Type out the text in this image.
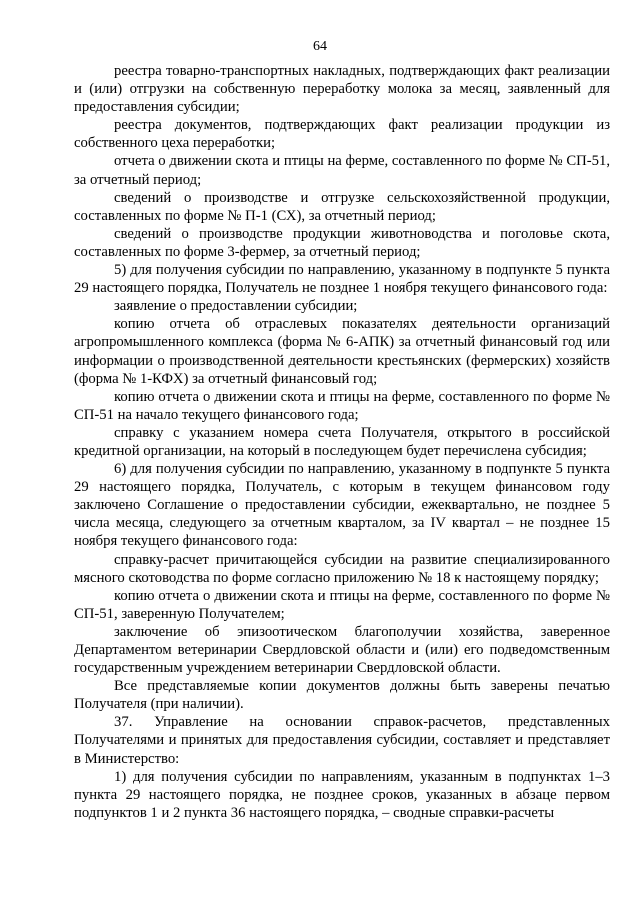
64

реестра товарно-транспортных накладных, подтверждающих факт реализации и (или) отгрузки на собственную переработку молока за месяц, заявленный для предоставления субсидии;

реестра документов, подтверждающих факт реализации продукции из собственного цеха переработки;

отчета о движении скота и птицы на ферме, составленного по форме № СП-51, за отчетный период;

сведений о производстве и отгрузке сельскохозяйственной продукции, составленных по форме № П-1 (СХ), за отчетный период;

сведений о производстве продукции животноводства и поголовье скота, составленных по форме 3-фермер, за отчетный период;

5) для получения субсидии по направлению, указанному в подпункте 5 пункта 29 настоящего порядка, Получатель не позднее 1 ноября текущего финансового года:

заявление о предоставлении субсидии;

копию отчета об отраслевых показателях деятельности организаций агропромышленного комплекса (форма № 6-АПК) за отчетный финансовый год или информации о производственной деятельности крестьянских (фермерских) хозяйств (форма № 1-КФХ) за отчетный финансовый год;

копию отчета о движении скота и птицы на ферме, составленного по форме № СП-51 на начало текущего финансового года;

справку с указанием номера счета Получателя, открытого в российской кредитной организации, на который в последующем будет перечислена субсидия;

6) для получения субсидии по направлению, указанному в подпункте 5 пункта 29 настоящего порядка, Получатель, с которым в текущем финансовом году заключено Соглашение о предоставлении субсидии, ежеквартально, не позднее 5 числа месяца, следующего за отчетным кварталом, за IV квартал – не позднее 15 ноября текущего финансового года:

справку-расчет причитающейся субсидии на развитие специализированного мясного скотоводства по форме согласно приложению № 18 к настоящему порядку;

копию отчета о движении скота и птицы на ферме, составленного по форме № СП-51, заверенную Получателем;

заключение об эпизоотическом благополучии хозяйства, заверенное Департаментом ветеринарии Свердловской области и (или) его подведомственным государственным учреждением ветеринарии Свердловской области.

Все представляемые копии документов должны быть заверены печатью Получателя (при наличии).

37. Управление на основании справок-расчетов, представленных Получателями и принятых для предоставления субсидии, составляет и представляет в Министерство:

1) для получения субсидии по направлениям, указанным в подпунктах 1–3 пункта 29 настоящего порядка, не позднее сроков, указанных в абзаце первом подпунктов 1 и 2 пункта 36 настоящего порядка, – сводные справки-расчеты
